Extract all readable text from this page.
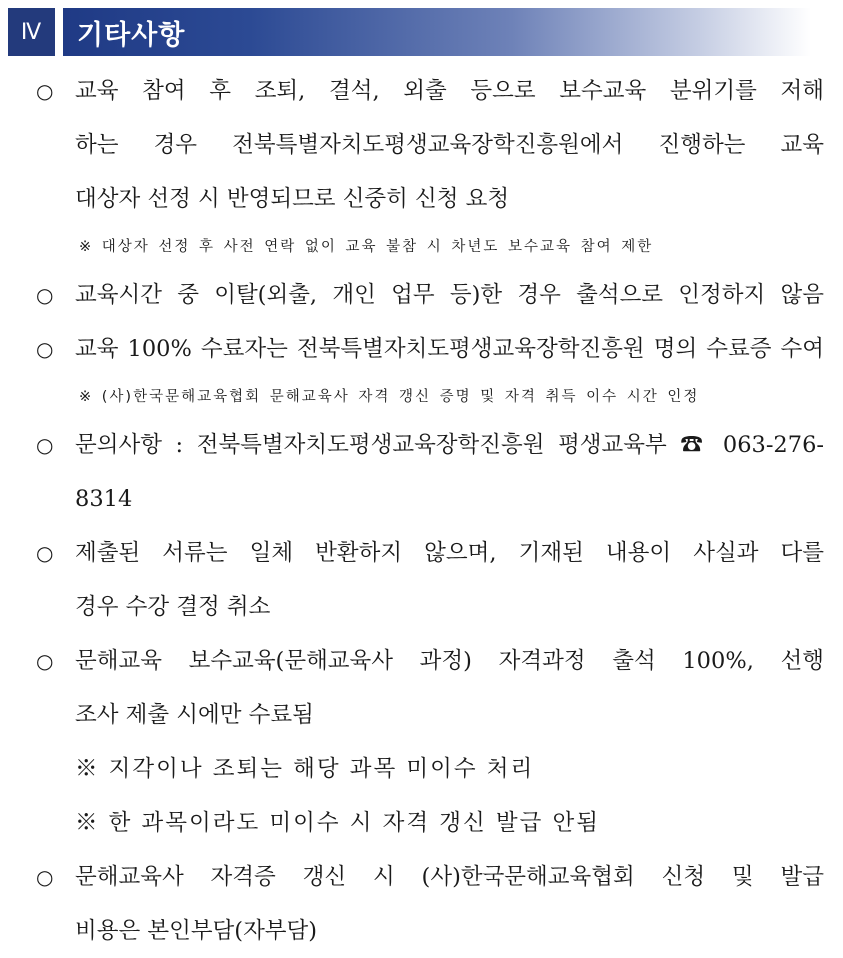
Ⅳ	기타사항
○ 교육 참여 후 조퇴, 결석, 외출 등으로 보수교육 분위기를 저해
하는 경우 전북특별자치도평생교육장학진흥원에서 진행하는 교육
대상자 선정 시 반영되므로 신중히 신청 요청
※ 대상자 선정 후 사전 연락 없이 교육 불참 시 차년도 보수교육 참여 제한
○ 교육시간 중 이탈(외출, 개인 업무 등)한 경우 출석으로 인정하지 않음
○ 교육 100% 수료자는 전북특별자치도평생교육장학진흥원 명의 수료증 수여
※ (사)한국문해교육협회 문해교육사 자격 갱신 증명 및 자격 취득 이수 시간 인정
○ 문의사항 : 전북특별자치도평생교육장학진흥원 평생교육부 ☎ 063-276-8314
○ 제출된 서류는 일체 반환하지 않으며, 기재된 내용이 사실과 다를
경우 수강 결정 취소
○ 문해교육 보수교육(문해교육사 과정) 자격과정 출석 100%, 선행
조사 제출 시에만 수료됨
※ 지각이나 조퇴는 해당 과목 미이수 처리
※ 한 과목이라도 미이수 시 자격 갱신 발급 안됨
○ 문해교육사 자격증 갱신 시 (사)한국문해교육협회 신청 및 발급
비용은 본인부담(자부담)
